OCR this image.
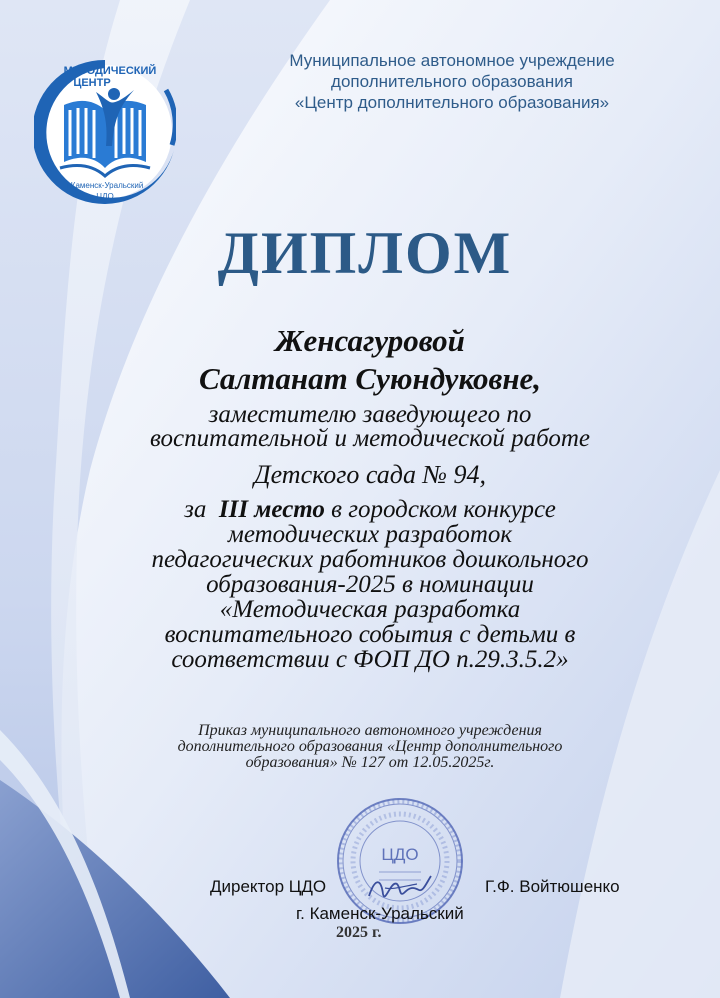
МЕТОДИЧЕСКИЙ
ЦЕНТР
г.Каменск-Уральский
ЦДО
Муниципальное автономное учреждение
дополнительного образования
«Центр дополнительного образования»
ДИПЛОМ
Женсагуровой
Салтанат Суюндуковне,
заместителю заведующего по
воспитательной и методической работе
Детского сада № 94,
за III место в городском конкурсе
методических разработок
педагогических работников дошкольного
образования-2025 в номинации
«Методическая разработка
воспитательного события с детьми в
соответствии с ФОП ДО п.29.3.5.2»
Приказ муниципального автономного учреждения
дополнительного образования «Центр дополнительного
образования» № 127 от 12.05.2025г.
ЦДО
Директор ЦДО	Г.Ф. Войтюшенко
г. Каменск-Уральский
2025 г.
